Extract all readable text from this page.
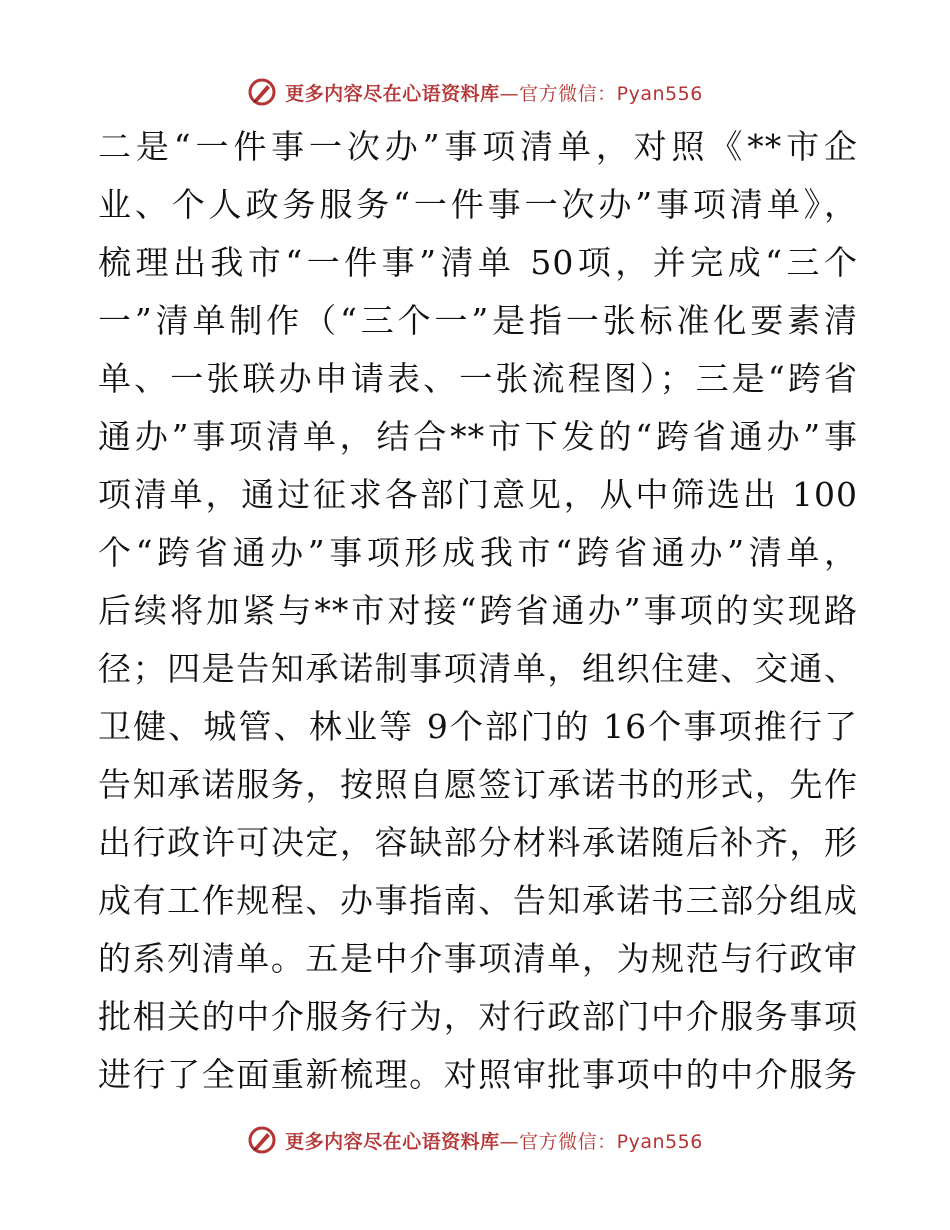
更多内容尽在心语资料库—官方微信：Pyan556
二是“一件事一次办”事项清单，对照《**市企
业、个人政务服务“一件事一次办”事项清单》，
梳理出我市“一件事”清单 50项，并完成“三个
一”清单制作（“三个一”是指一张标准化要素清
单、一张联办申请表、一张流程图）；三是“跨省
通办”事项清单，结合**市下发的“跨省通办”事
项清单，通过征求各部门意见，从中筛选出 100
个“跨省通办”事项形成我市“跨省通办”清单，
后续将加紧与**市对接“跨省通办”事项的实现路
径；四是告知承诺制事项清单，组织住建、交通、
卫健、城管、林业等 9个部门的 16个事项推行了
告知承诺服务，按照自愿签订承诺书的形式，先作
出行政许可决定，容缺部分材料承诺随后补齐，形
成有工作规程、办事指南、告知承诺书三部分组成
的系列清单。五是中介事项清单，为规范与行政审
批相关的中介服务行为，对行政部门中介服务事项
进行了全面重新梳理。对照审批事项中的中介服务
更多内容尽在心语资料库—官方微信：Pyan556
